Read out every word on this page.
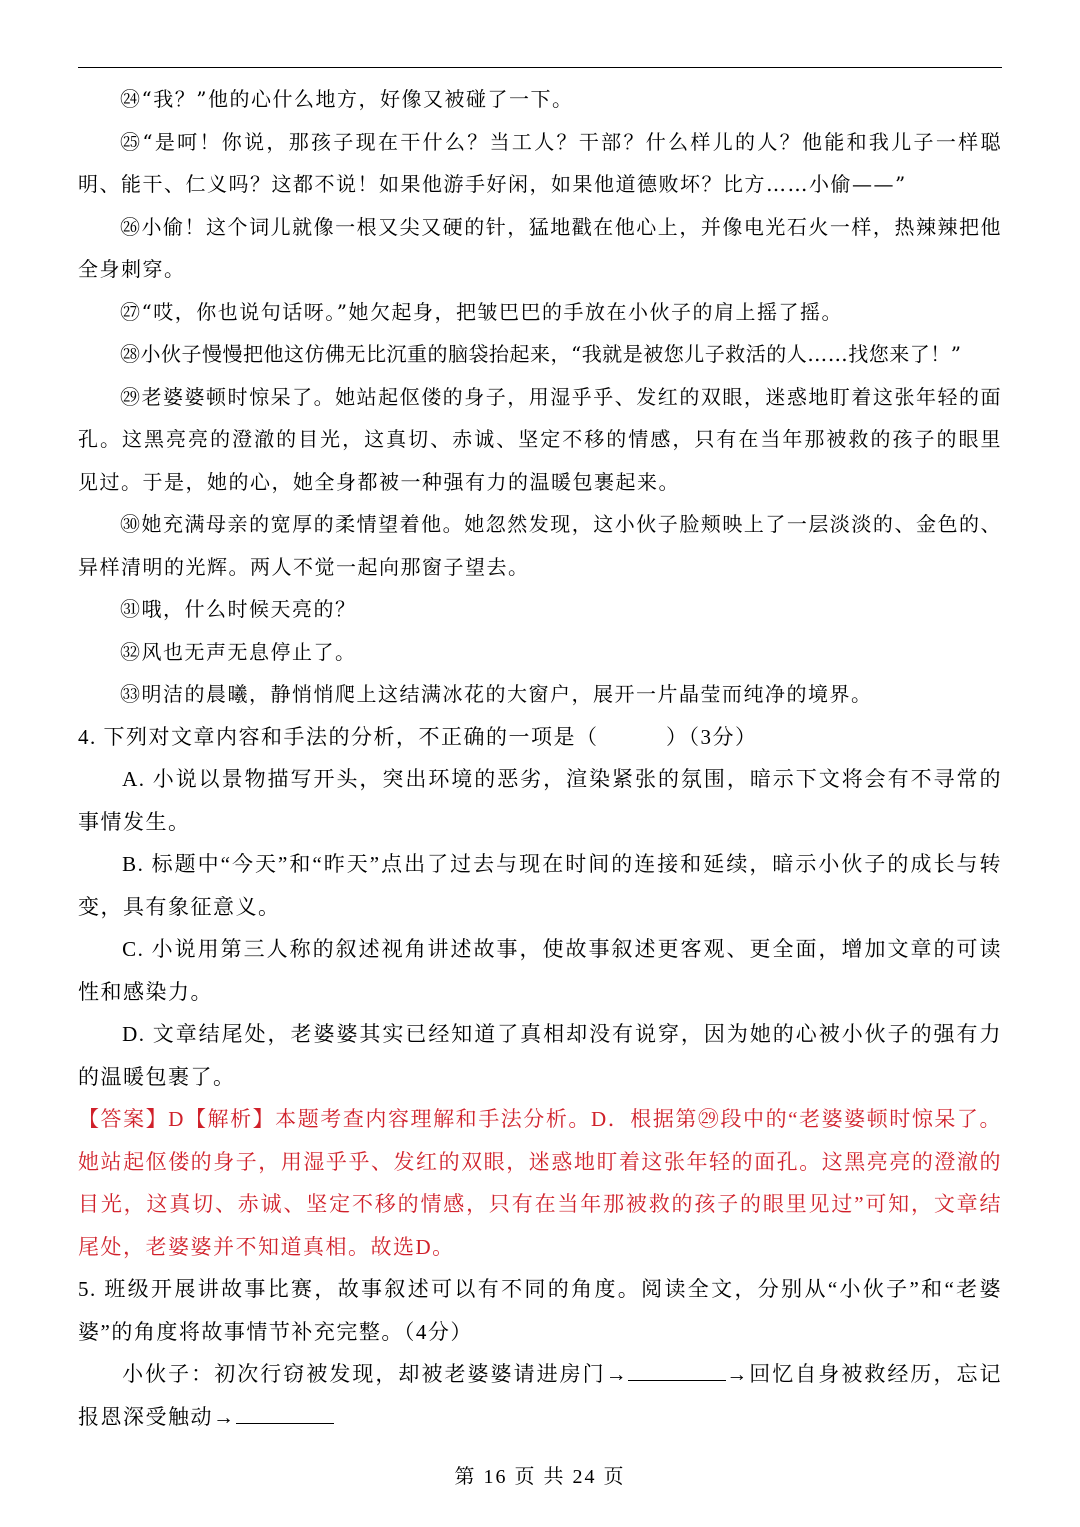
㉔“我？”他的心什么地方，好像又被碰了一下。

㉕“是呵！你说，那孩子现在干什么？当工人？干部？什么样儿的人？他能和我儿子一样聪明、能干、仁义吗？这都不说！如果他游手好闲，如果他道德败坏？比方……小偷——”

㉖小偷！这个词儿就像一根又尖又硬的针，猛地戳在他心上，并像电光石火一样，热辣辣把他全身刺穿。

㉗“哎，你也说句话呀。”她欠起身，把皱巴巴的手放在小伙子的肩上摇了摇。

㉘小伙子慢慢把他这仿佛无比沉重的脑袋抬起来，“我就是被您儿子救活的人……找您来了！”

㉙老婆婆顿时惊呆了。她站起伛偻的身子，用湿乎乎、发红的双眼，迷惑地盯着这张年轻的面孔。这黑亮亮的澄澈的目光，这真切、赤诚、坚定不移的情感，只有在当年那被救的孩子的眼里见过。于是，她的心，她全身都被一种强有力的温暖包裹起来。

㉚她充满母亲的宽厚的柔情望着他。她忽然发现，这小伙子脸颊映上了一层淡淡的、金色的、异样清明的光辉。两人不觉一起向那窗子望去。

㉛哦，什么时候天亮的？

㉜风也无声无息停止了。

㉝明洁的晨曦，静悄悄爬上这结满冰花的大窗户，展开一片晶莹而纯净的境界。

4. 下列对文章内容和手法的分析，不正确的一项是（　　　）（3分）

A. 小说以景物描写开头，突出环境的恶劣，渲染紧张的氛围，暗示下文将会有不寻常的事情发生。

B. 标题中“今天”和“昨天”点出了过去与现在时间的连接和延续，暗示小伙子的成长与转变，具有象征意义。

C. 小说用第三人称的叙述视角讲述故事，使故事叙述更客观、更全面，增加文章的可读性和感染力。

D. 文章结尾处，老婆婆其实已经知道了真相却没有说穿，因为她的心被小伙子的强有力的温暖包裹了。

【答案】D【解析】本题考查内容理解和手法分析。D．根据第㉙段中的“老婆婆顿时惊呆了。她站起伛偻的身子，用湿乎乎、发红的双眼，迷惑地盯着这张年轻的面孔。这黑亮亮的澄澈的目光，这真切、赤诚、坚定不移的情感，只有在当年那被救的孩子的眼里见过”可知，文章结尾处，老婆婆并不知道真相。故选D。

5. 班级开展讲故事比赛，故事叙述可以有不同的角度。阅读全文，分别从“小伙子”和“老婆婆”的角度将故事情节补充完整。（4分）

小伙子：初次行窃被发现，却被老婆婆请进房门→	→回忆自身被救经历，忘记报恩深受触动→

第 16 页 共 24 页
